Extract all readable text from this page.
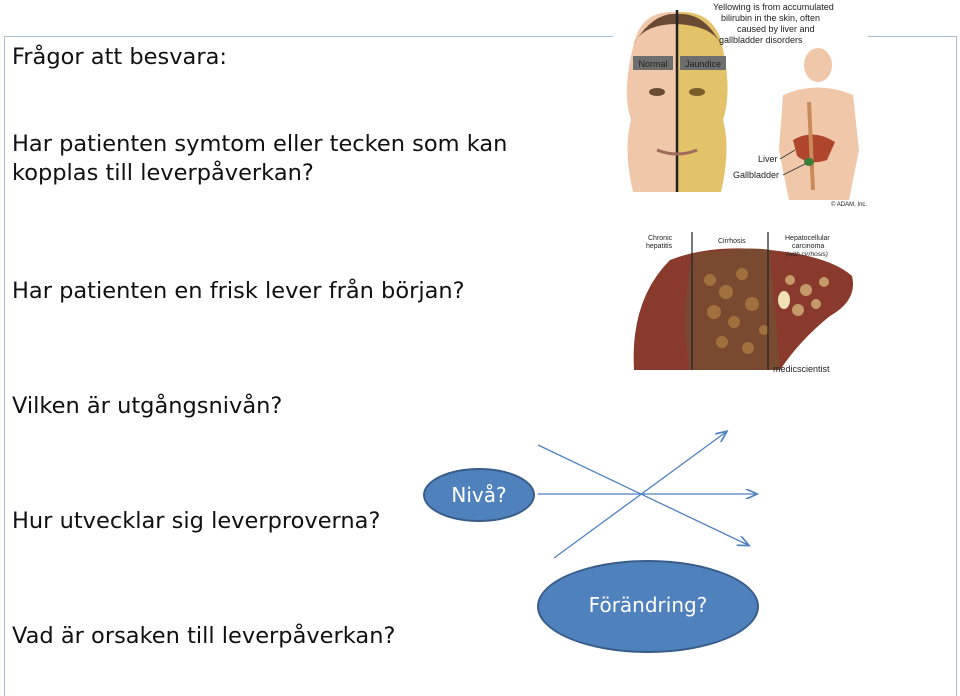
Frågor att besvara:
Har patienten symtom eller tecken som kan
kopplas till leverpåverkan?
Har patienten en frisk lever från början?
Vilken är utgångsnivån?
Hur utvecklar sig leverproverna?
Vad är orsaken till leverpåverkan?
Normal Jaundice
Yellowing is from accumulated
bilirubin in the skin, often
caused by liver and
gallbladder disorders
Liver
Gallbladder
© ADAM, Inc.
Chronic
hepatitis
Cirrhosis	Hepatocellular
carcinoma
(with cirrhosis)
medicscientist
Nivå?
Förändring?
